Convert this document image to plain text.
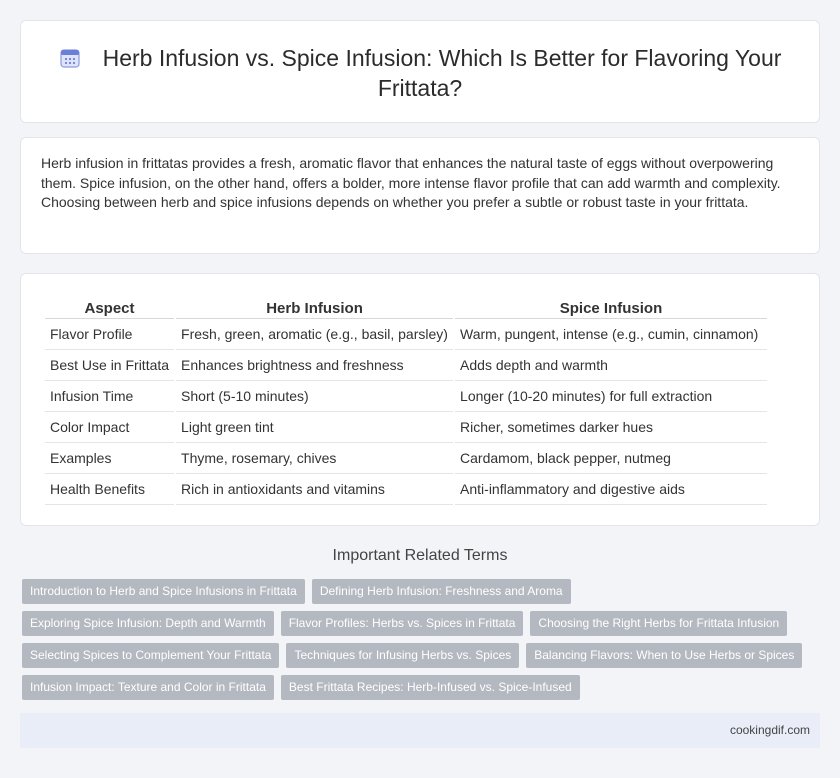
Herb Infusion vs. Spice Infusion: Which Is Better for Flavoring Your Frittata?

Herb infusion in frittatas provides a fresh, aromatic flavor that enhances the natural taste of eggs without overpowering them. Spice infusion, on the other hand, offers a bolder, more intense flavor profile that can add warmth and complexity. Choosing between herb and spice infusions depends on whether you prefer a subtle or robust taste in your frittata.

Aspect	Herb Infusion	Spice Infusion
Flavor Profile	Fresh, green, aromatic (e.g., basil, parsley)	Warm, pungent, intense (e.g., cumin, cinnamon)
Best Use in Frittata	Enhances brightness and freshness	Adds depth and warmth
Infusion Time	Short (5-10 minutes)	Longer (10-20 minutes) for full extraction
Color Impact	Light green tint	Richer, sometimes darker hues
Examples	Thyme, rosemary, chives	Cardamom, black pepper, nutmeg
Health Benefits	Rich in antioxidants and vitamins	Anti-inflammatory and digestive aids
Important Related Terms
Introduction to Herb and Spice Infusions in Frittata Defining Herb Infusion: Freshness and Aroma
Exploring Spice Infusion: Depth and Warmth Flavor Profiles: Herbs vs. Spices in Frittata Choosing the Right Herbs for Frittata Infusion
Selecting Spices to Complement Your Frittata Techniques for Infusing Herbs vs. Spices Balancing Flavors: When to Use Herbs or Spices
Infusion Impact: Texture and Color in Frittata Best Frittata Recipes: Herb-Infused vs. Spice-Infused
cookingdif.com
